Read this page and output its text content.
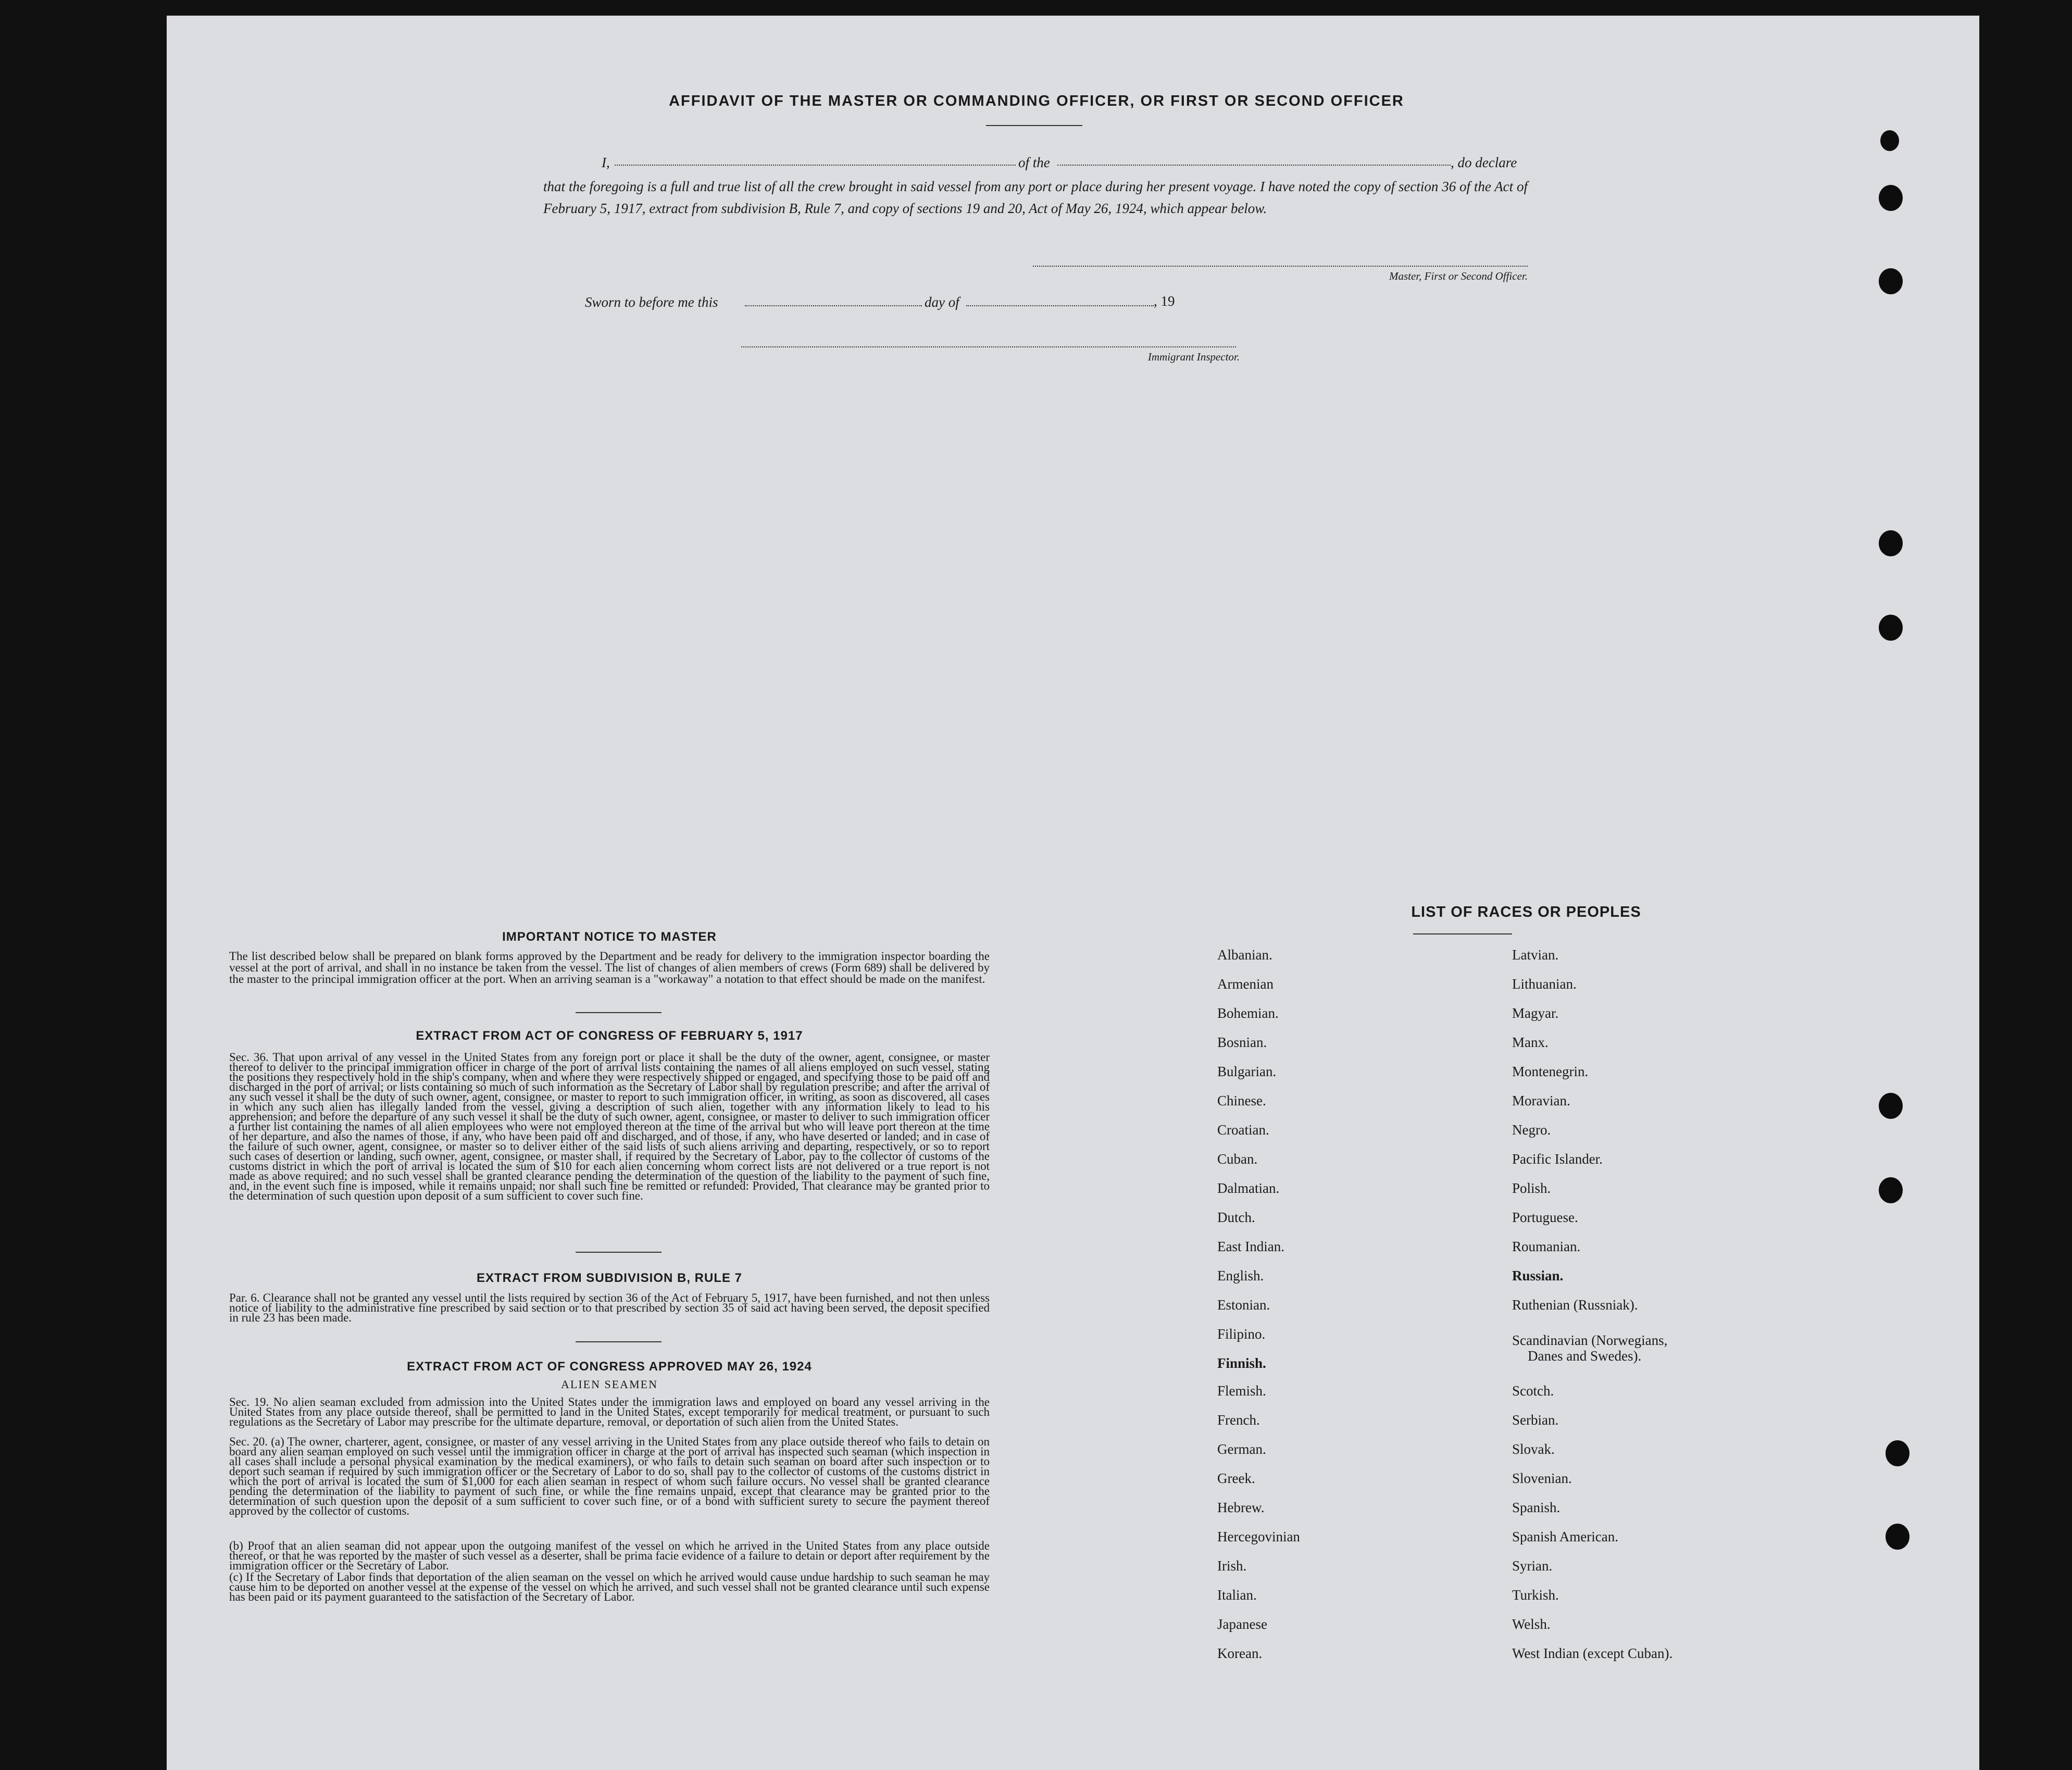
AFFIDAVIT OF THE MASTER OR COMMANDING OFFICER, OR FIRST OR SECOND OFFICER
I,	of the	, do declare
that the foregoing is a full and true list of all the crew brought in said vessel from any port or place during her present voyage. I have noted the copy of section 36 of the Act of February 5, 1917, extract from subdivision B, Rule 7, and copy of sections 19 and 20, Act of May 26, 1924, which appear below.
Master, First or Second Officer.
Sworn to before me this	day of	, 19
Immigrant Inspector.
IMPORTANT NOTICE TO MASTER
The list described below shall be prepared on blank forms approved by the Department and be ready for delivery to the immigration inspector boarding the vessel at the port of arrival, and shall in no instance be taken from the vessel. The list of changes of alien members of crews (Form 689) shall be delivered by the master to the principal immigration officer at the port. When an arriving seaman is a "workaway" a notation to that effect should be made on the manifest.
EXTRACT FROM ACT OF CONGRESS OF FEBRUARY 5, 1917
Sec. 36. That upon arrival of any vessel in the United States from any foreign port or place it shall be the duty of the owner, agent, consignee, or master thereof to deliver to the principal immigration officer in charge of the port of arrival lists containing the names of all aliens employed on such vessel, stating the positions they respectively hold in the ship's company, when and where they were respectively shipped or engaged, and specifying those to be paid off and discharged in the port of arrival; or lists containing so much of such information as the Secretary of Labor shall by regulation prescribe; and after the arrival of any such vessel it shall be the duty of such owner, agent, consignee, or master to report to such immigration officer, in writing, as soon as discovered, all cases in which any such alien has illegally landed from the vessel, giving a description of such alien, together with any information likely to lead to his apprehension; and before the departure of any such vessel it shall be the duty of such owner, agent, consignee, or master to deliver to such immigration officer a further list containing the names of all alien employees who were not employed thereon at the time of the arrival but who will leave port thereon at the time of her departure, and also the names of those, if any, who have been paid off and discharged, and of those, if any, who have deserted or landed; and in case of the failure of such owner, agent, consignee, or master so to deliver either of the said lists of such aliens arriving and departing, respectively, or so to report such cases of desertion or landing, such owner, agent, consignee, or master shall, if required by the Secretary of Labor, pay to the collector of customs of the customs district in which the port of arrival is located the sum of $10 for each alien concerning whom correct lists are not delivered or a true report is not made as above required; and no such vessel shall be granted clearance pending the determination of the question of the liability to the payment of such fine, and, in the event such fine is imposed, while it remains unpaid; nor shall such fine be remitted or refunded: Provided, That clearance may be granted prior to the determination of such question upon deposit of a sum sufficient to cover such fine.
EXTRACT FROM SUBDIVISION B, RULE 7
Par. 6. Clearance shall not be granted any vessel until the lists required by section 36 of the Act of February 5, 1917, have been furnished, and not then unless notice of liability to the administrative fine prescribed by said section or to that prescribed by section 35 of said act having been served, the deposit specified in rule 23 has been made.
EXTRACT FROM ACT OF CONGRESS APPROVED MAY 26, 1924
ALIEN SEAMEN
Sec. 19. No alien seaman excluded from admission into the United States under the immigration laws and employed on board any vessel arriving in the United States from any place outside thereof, shall be permitted to land in the United States, except temporarily for medical treatment, or pursuant to such regulations as the Secretary of Labor may prescribe for the ultimate departure, removal, or deportation of such alien from the United States.
Sec. 20. (a) The owner, charterer, agent, consignee, or master of any vessel arriving in the United States from any place outside thereof who fails to detain on board any alien seaman employed on such vessel until the immigration officer in charge at the port of arrival has inspected such seaman (which inspection in all cases shall include a personal physical examination by the medical examiners), or who fails to detain such seaman on board after such inspection or to deport such seaman if required by such immigration officer or the Secretary of Labor to do so, shall pay to the collector of customs of the customs district in which the port of arrival is located the sum of $1,000 for each alien seaman in respect of whom such failure occurs. No vessel shall be granted clearance pending the determination of the liability to payment of such fine, or while the fine remains unpaid, except that clearance may be granted prior to the determination of such question upon the deposit of a sum sufficient to cover such fine, or of a bond with sufficient surety to secure the payment thereof approved by the collector of customs.
(b) Proof that an alien seaman did not appear upon the outgoing manifest of the vessel on which he arrived in the United States from any place outside thereof, or that he was reported by the master of such vessel as a deserter, shall be prima facie evidence of a failure to detain or deport after requirement by the immigration officer or the Secretary of Labor.
(c) If the Secretary of Labor finds that deportation of the alien seaman on the vessel on which he arrived would cause undue hardship to such seaman he may cause him to be deported on another vessel at the expense of the vessel on which he arrived, and such vessel shall not be granted clearance until such expense has been paid or its payment guaranteed to the satisfaction of the Secretary of Labor.
LIST OF RACES OR PEOPLES
Albanian.
Armenian
Bohemian.
Bosnian.
Bulgarian.
Chinese.
Croatian.
Cuban.
Dalmatian.
Dutch.
East Indian.
English.
Estonian.
Filipino.
Finnish.
Flemish.
French.
German.
Greek.
Hebrew.
Hercegovinian
Irish.
Italian.
Japanese
Korean.
Latvian.
Lithuanian.
Magyar.
Manx.
Montenegrin.
Moravian.
Negro.
Pacific Islander.
Polish.
Portuguese.
Roumanian.
Russian.
Ruthenian (Russniak).
Scandinavian (Norwegians,
Danes and Swedes).
Scotch.
Serbian.
Slovak.
Slovenian.
Spanish.
Spanish American.
Syrian.
Turkish.
Welsh.
West Indian (except Cuban).
